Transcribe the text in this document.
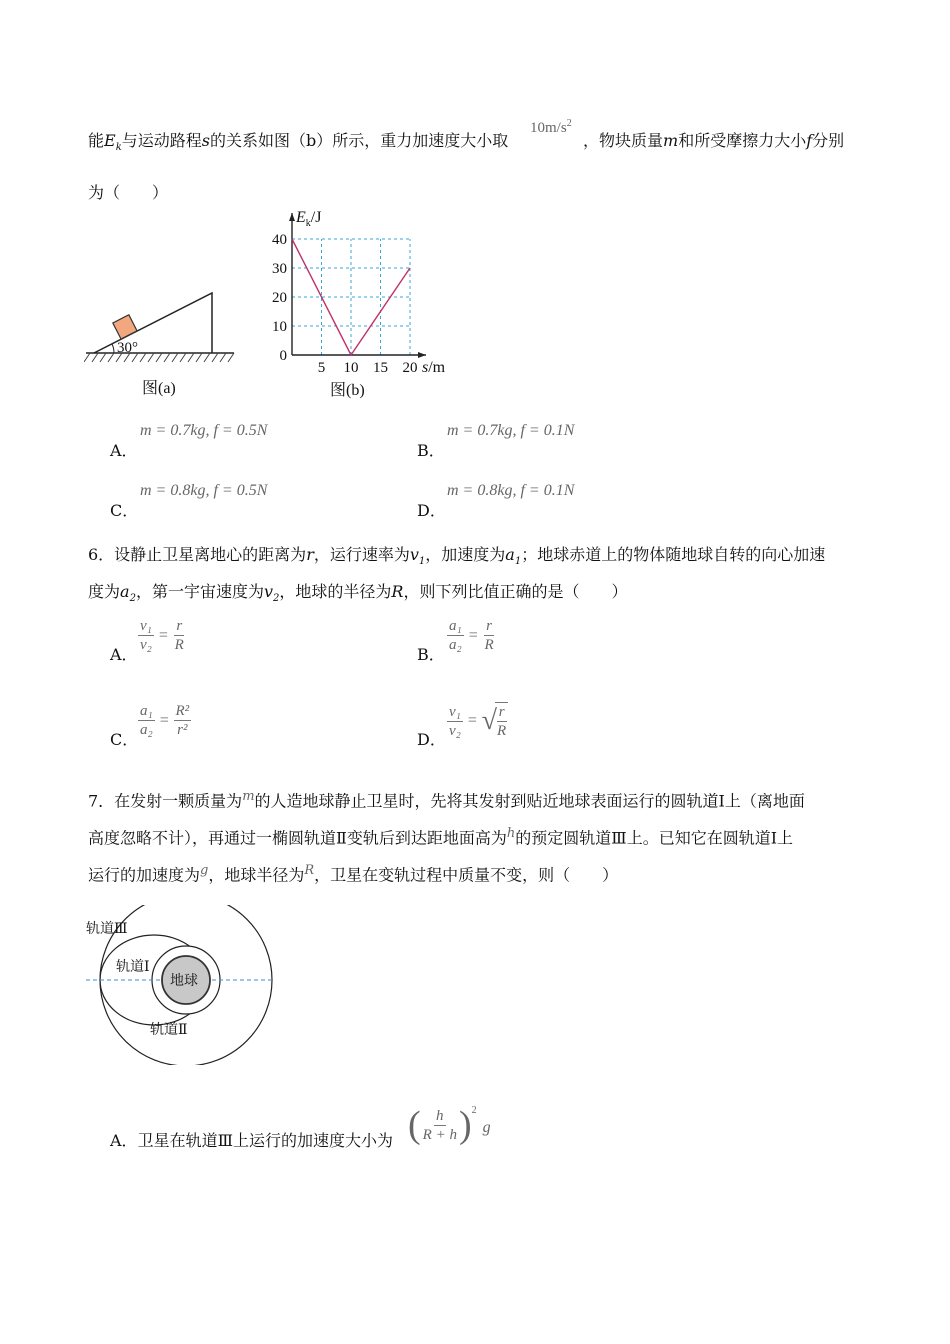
能$E_k$与运动路程s的关系如图（b）所示，重力加速度大小取
$10m/s^2$
，物块质量m和所受摩擦力大小f分别
为（　　）
30°
图(a)
40
30
20
10
0
5 10 15 20
$E_k/J$
s/m
图(b)
A．
m = 0.7kg, f = 0.5N
B．
m = 0.7kg, f = 0.1N
C．
m = 0.8kg, f = 0.5N
D．
m = 0.8kg, f = 0.1N
6．设静止卫星离地心的距离为r，运行速率为$v_1$，加速度为$a_1$；地球赤道上的物体随地球自转的向心加速
度为$a_2$，第一宇宙速度为$v_2$，地球的半径为R，则下列比值正确的是（　　）
A．
$\frac{\text{v₁}}{\text{v₂}} = \frac{r}{R}$
B．
$\frac{\text{a₁}}{\text{a₂}} = \frac{r}{R}$
C．
$\frac{\text{a₁}}{\text{a₂}} = \frac{\text{R²}}{\text{r²}}$
D． $\frac{\text{v₁}}{\text{v₂}}$ = √
$\frac{r}{R}$
7．在发射一颗质量为$^m$的人造地球静止卫星时，先将其发射到贴近地球表面运行的圆轨道Ⅰ上（离地面
高度忽略不计），再通过一椭圆轨道Ⅱ变轨后到达距地面高为$^h$的预定圆轨道Ⅲ上。已知它在圆轨道Ⅰ上
运行的加速度为$^g$，地球半径为$^R$，卫星在变轨过程中质量不变，则（　　）
地球
轨道Ⅲ
轨道Ⅰ
轨道Ⅱ
A．卫星在轨道Ⅲ上运行的加速度大小为 ( $\frac{h}{R + h}$ ) 2
g
